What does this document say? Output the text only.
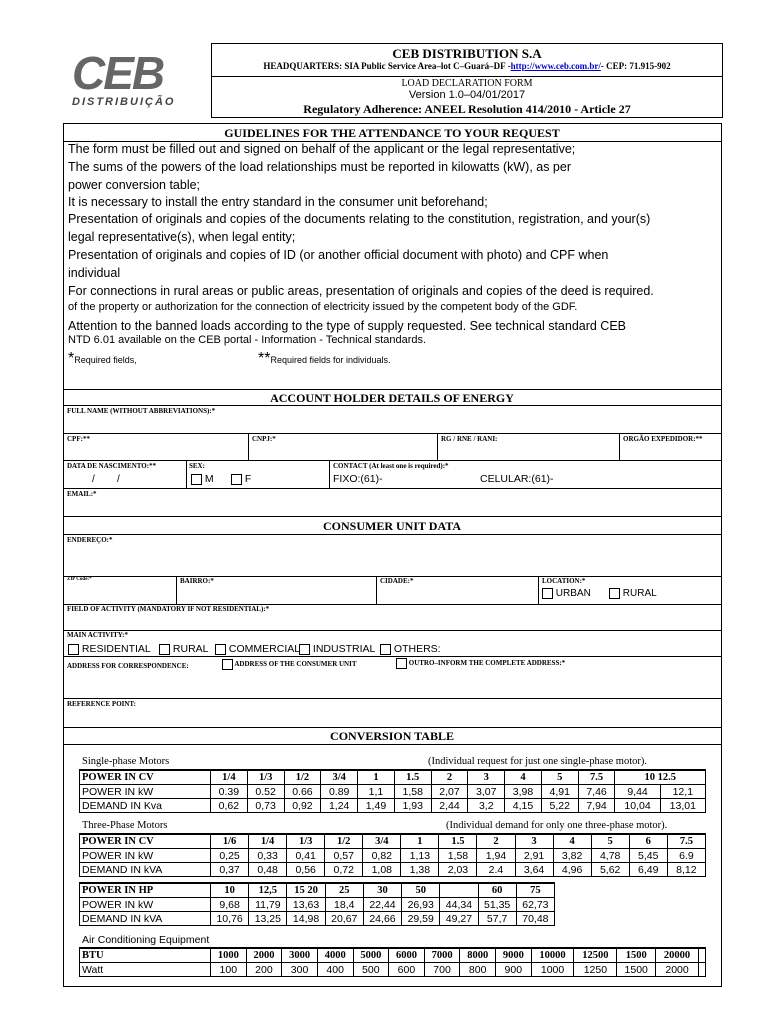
CEB
DISTRIBUIÇÃO
CEB DISTRIBUTION S.A
HEADQUARTERS: SIA Public Service Area–lot C–Guará–DF -http://www.ceb.com.br/- CEP: 71.915-902
LOAD DECLARATION FORM
Version 1.0–04/01/2017
Regulatory Adherence: ANEEL Resolution 414/2010 - Article 27
GUIDELINES FOR THE ATTENDANCE TO YOUR REQUEST
The form must be filled out and signed on behalf of the applicant or the legal representative;
The sums of the powers of the load relationships must be reported in kilowatts (kW), as per
power conversion table;
It is necessary to install the entry standard in the consumer unit beforehand;
Presentation of originals and copies of the documents relating to the constitution, registration, and your(s)
legal representative(s), when legal entity;
Presentation of originals and copies of ID (or another official document with photo) and CPF when
individual
For connections in rural areas or public areas, presentation of originals and copies of the deed is required.
of the property or authorization for the connection of electricity issued by the competent body of the GDF.
Attention to the banned loads according to the type of supply requested. See technical standard CEB
NTD 6.01 available on the CEB portal - Information - Technical standards.
*Required fields,	**Required fields for individuals.
ACCOUNT HOLDER DETAILS OF ENERGY
FULL NAME (WITHOUT ABBREVIATIONS):*
CPF:**	CNPJ:*	RG / RNE / RANI:	ORGÃO EXPEDIDOR:**
DATA DE NASCIMENTO:**
/        /
SEX:
M	F
CONTACT (At least one is required):*
FIXO:(61)-	CELULAR:(61)-
EMAIL:*
CONSUMER UNIT DATA
ENDEREÇO:*
ZIP Code:*	BAIRRO:*	CIDADE:*	LOCATION:*
URBAN	RURAL
FIELD OF ACTIVITY (MANDATORY IF NOT RESIDENTIAL):*
MAIN ACTIVITY:*
RESIDENTIAL	RURAL	COMMERCIAL	INDUSTRIAL	OTHERS:
ADDRESS FOR CORRESPONDENCE:	ADDRESS OF THE CONSUMER UNIT	OUTRO–INFORM THE COMPLETE ADDRESS:*
REFERENCE POINT:
CONVERSION TABLE
Single-phase Motors	(Individual request for just one single-phase motor).
POWER IN CV	1/4	1/3	1/2	3/4	1	1.5	2	3	4	5	7.5	10 12.5	
POWER IN kW	0.39	0.52	0.66	0.89	1,1	1,58	2,07	3,07	3,98	4,91	7,46	9,44	12,1
DEMAND IN Kva	0,62	0,73	0,92	1,24	1,49	1,93	2,44	3,2	4,15	5,22	7,94	10,04	13,01
Three-Phase Motors	(Individual demand for only one three-phase motor).
POWER IN CV	1/6	1/4	1/3	1/2	3/4	1	1.5	2	3	4	5	6	7.5
POWER IN kW	0,25	0,33	0,41	0,57	0,82	1,13	1,58	1,94	2,91	3,82	4,78	5,45	6.9
DEMAND IN kVA	0,37	0,48	0,56	0,72	1,08	1,38	2,03	2.4	3,64	4,96	5,62	6,49	8,12
POWER IN HP	10	12,5	15 20	25	30	50		60	75
POWER IN kW	9,68	11,79	13,63	18,4	22,44	26,93	44,34	51,35	62,73
DEMAND IN kVA	10,76	13,25	14,98	20,67	24,66	29,59	49,27	57,7	70,48
Air Conditioning Equipment
BTU	1000	2000	3000	4000	5000	6000	7000	8000	9000	10000	12500	1500	20000	
Watt	100	200	300	400	500	600	700	800	900	1000	1250	1500	2000	
